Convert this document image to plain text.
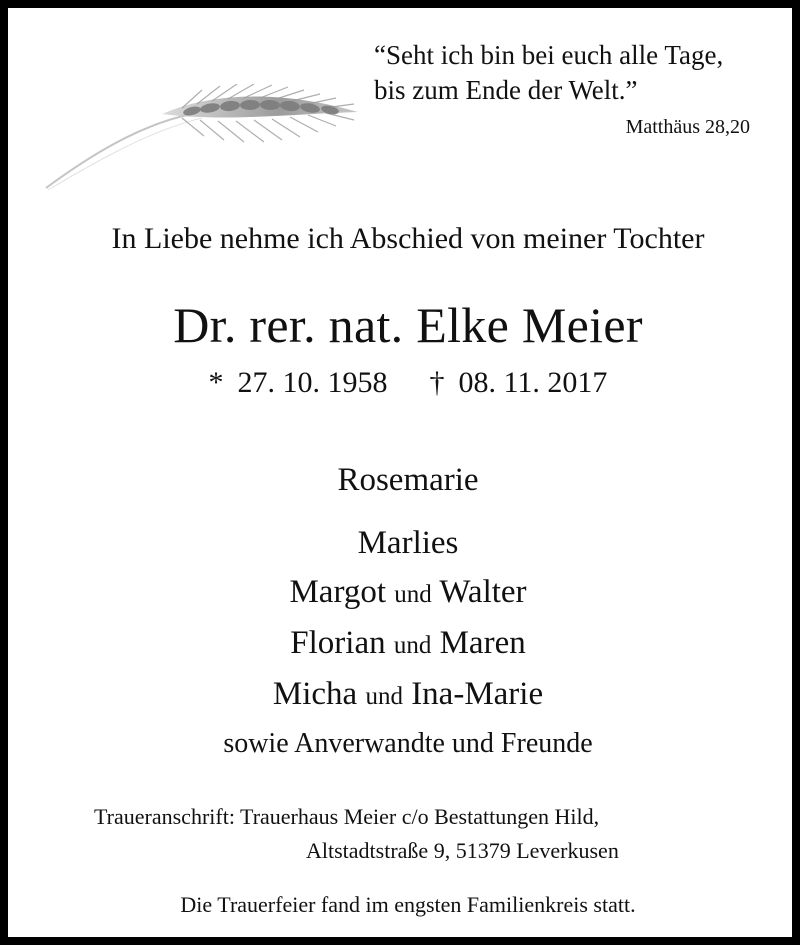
“Seht ich bin bei euch alle Tage,
bis zum Ende der Welt.”
Matthäus 28,20
In Liebe nehme ich Abschied von meiner Tochter
Dr. rer. nat. Elke Meier
* 27. 10. 1958 † 08. 11. 2017
Rosemarie
Marlies
Margot und Walter
Florian und Maren
Micha und Ina-Marie
sowie Anverwandte und Freunde
Traueranschrift: Trauerhaus Meier c/o Bestattungen Hild,
Altstadtstraße 9, 51379 Leverkusen
Die Trauerfeier fand im engsten Familienkreis statt.
